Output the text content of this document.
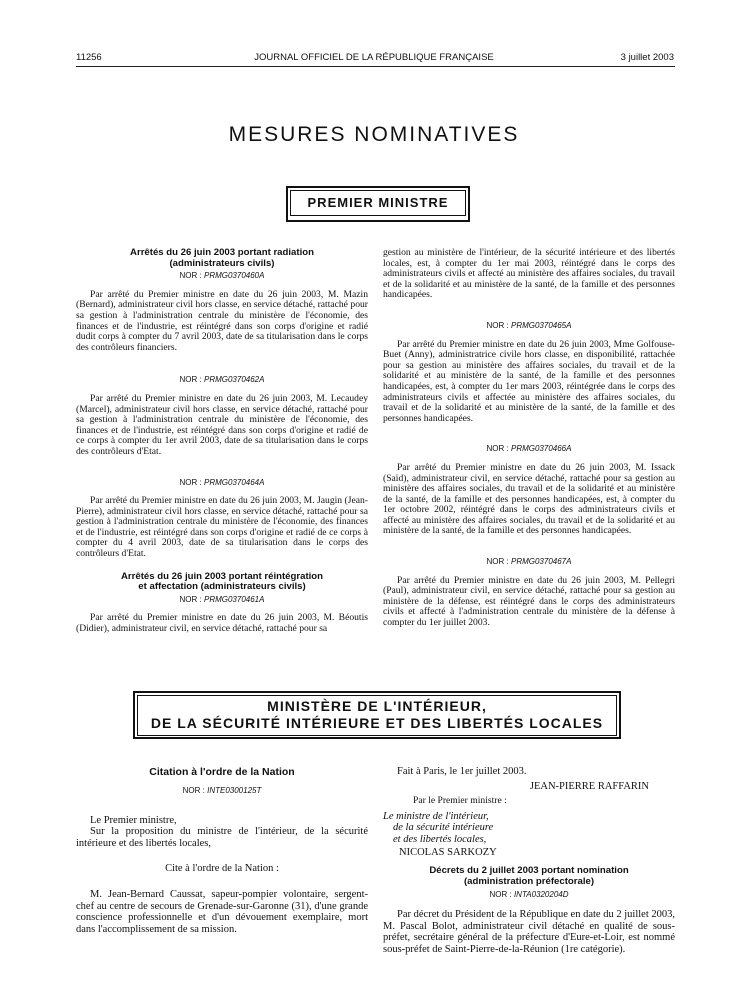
11256	JOURNAL OFFICIEL DE LA RÉPUBLIQUE FRANÇAISE	3 juillet 2003
MESURES NOMINATIVES
PREMIER MINISTRE

Arrêtés du 26 juin 2003 portant radiation

(administrateurs civils)

NOR : PRMG0370460A

Par arrêté du Premier ministre en date du 26 juin 2003, M. Mazin (Bernard), administrateur civil hors classe, en service détaché, rattaché pour sa gestion à l'administration centrale du ministère de l'économie, des finances et de l'industrie, est réintégré dans son corps d'origine et radié dudit corps à compter du 7 avril 2003, date de sa titularisation dans le corps des contrôleurs financiers.

NOR : PRMG0370462A

Par arrêté du Premier ministre en date du 26 juin 2003, M. Lecaudey (Marcel), administrateur civil hors classe, en service détaché, rattaché pour sa gestion à l'administration centrale du ministère de l'économie, des finances et de l'industrie, est réintégré dans son corps d'origine et radié de ce corps à compter du 1er avril 2003, date de sa titularisation dans le corps des contrôleurs d'Etat.

NOR : PRMG0370464A

Par arrêté du Premier ministre en date du 26 juin 2003, M. Jaugin (Jean-Pierre), administrateur civil hors classe, en service détaché, rattaché pour sa gestion à l'administration centrale du ministère de l'économie, des finances et de l'industrie, est réintégré dans son corps d'origine et radié de ce corps à compter du 4 avril 2003, date de sa titularisation dans le corps des contrôleurs d'Etat.

Arrêtés du 26 juin 2003 portant réintégration

et affectation (administrateurs civils)

NOR : PRMG0370461A

Par arrêté du Premier ministre en date du 26 juin 2003, M. Béoutis (Didier), administrateur civil, en service détaché, rattaché pour sa

gestion au ministère de l'intérieur, de la sécurité intérieure et des libertés locales, est, à compter du 1er mai 2003, réintégré dans le corps des administrateurs civils et affecté au ministère des affaires sociales, du travail et de la solidarité et au ministère de la santé, de la famille et des personnes handicapées.

NOR : PRMG0370465A

Par arrêté du Premier ministre en date du 26 juin 2003, Mme Golfouse-Buet (Anny), administratrice civile hors classe, en disponibilité, rattachée pour sa gestion au ministère des affaires sociales, du travail et de la solidarité et au ministère de la santé, de la famille et des personnes handicapées, est, à compter du 1er mars 2003, réintégrée dans le corps des administrateurs civils et affectée au ministère des affaires sociales, du travail et de la solidarité et au ministère de la santé, de la famille et des personnes handicapées.

NOR : PRMG0370466A

Par arrêté du Premier ministre en date du 26 juin 2003, M. Issack (Saïd), administrateur civil, en service détaché, rattaché pour sa gestion au ministère des affaires sociales, du travail et de la solidarité et au ministère de la santé, de la famille et des personnes handicapées, est, à compter du 1er octobre 2002, réintégré dans le corps des administrateurs civils et affecté au ministère des affaires sociales, du travail et de la solidarité et au ministère de la santé, de la famille et des personnes handicapées.

NOR : PRMG0370467A

Par arrêté du Premier ministre en date du 26 juin 2003, M. Pellegri (Paul), administrateur civil, en service détaché, rattaché pour sa gestion au ministère de la défense, est réintégré dans le corps des administrateurs civils et affecté à l'administration centrale du ministère de la défense à compter du 1er juillet 2003.

MINISTÈRE DE L'INTÉRIEUR,
DE LA SÉCURITÉ INTÉRIEURE ET DES LIBERTÉS LOCALES

Citation à l'ordre de la Nation

NOR : INTE0300125T

Le Premier ministre,

Sur la proposition du ministre de l'intérieur, de la sécurité intérieure et des libertés locales,

Cite à l'ordre de la Nation :

M. Jean-Bernard Caussat, sapeur-pompier volontaire, sergent-chef au centre de secours de Grenade-sur-Garonne (31), d'une grande conscience professionnelle et d'un dévouement exemplaire, mort dans l'accomplissement de sa mission.

Fait à Paris, le 1er juillet 2003.

JEAN-PIERRE RAFFARIN

Par le Premier ministre :

Le ministre de l'intérieur,

de la sécurité intérieure

et des libertés locales,

NICOLAS SARKOZY

Décrets du 2 juillet 2003 portant nomination

(administration préfectorale)

NOR : INTA0320204D

Par décret du Président de la République en date du 2 juillet 2003, M. Pascal Bolot, administrateur civil détaché en qualité de sous-préfet, secrétaire général de la préfecture d'Eure-et-Loir, est nommé sous-préfet de Saint-Pierre-de-la-Réunion (1re catégorie).
